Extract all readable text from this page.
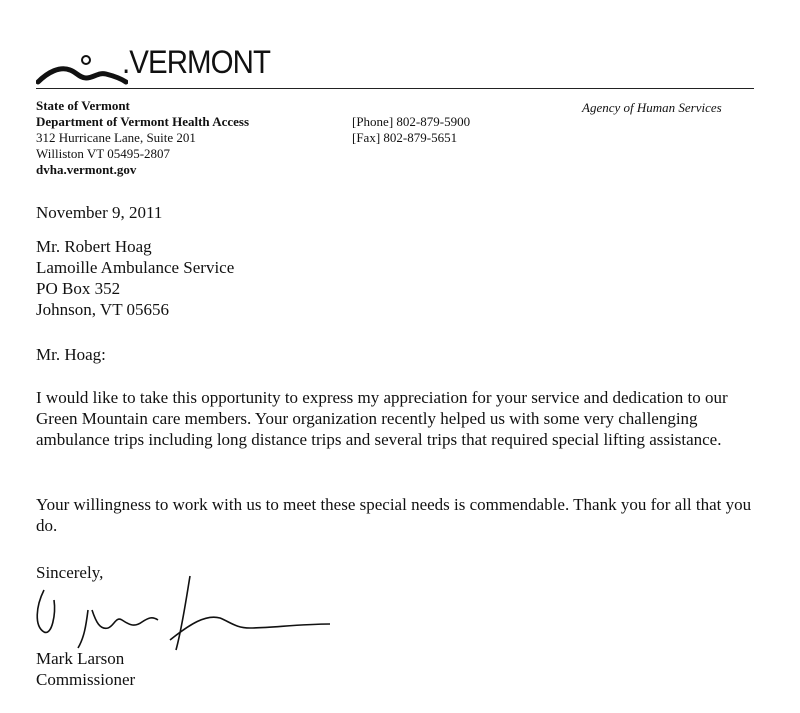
.VERMONT
State of Vermont
Department of Vermont Health Access
312 Hurricane Lane, Suite 201
Williston VT 05495-2807
dvha.vermont.gov
[Phone] 802-879-5900
[Fax] 802-879-5651
Agency of Human Services
November 9, 2011
Mr. Robert Hoag
Lamoille Ambulance Service
PO Box 352
Johnson, VT 05656
Mr. Hoag:
I would like to take this opportunity to express my appreciation for your service and dedication to our Green Mountain care members. Your organization recently helped us with some very challenging ambulance trips including long distance trips and several trips that required special lifting assistance.
Your willingness to work with us to meet these special needs is commendable. Thank you for all that you do.
Sincerely,
Mark Larson
Commissioner
